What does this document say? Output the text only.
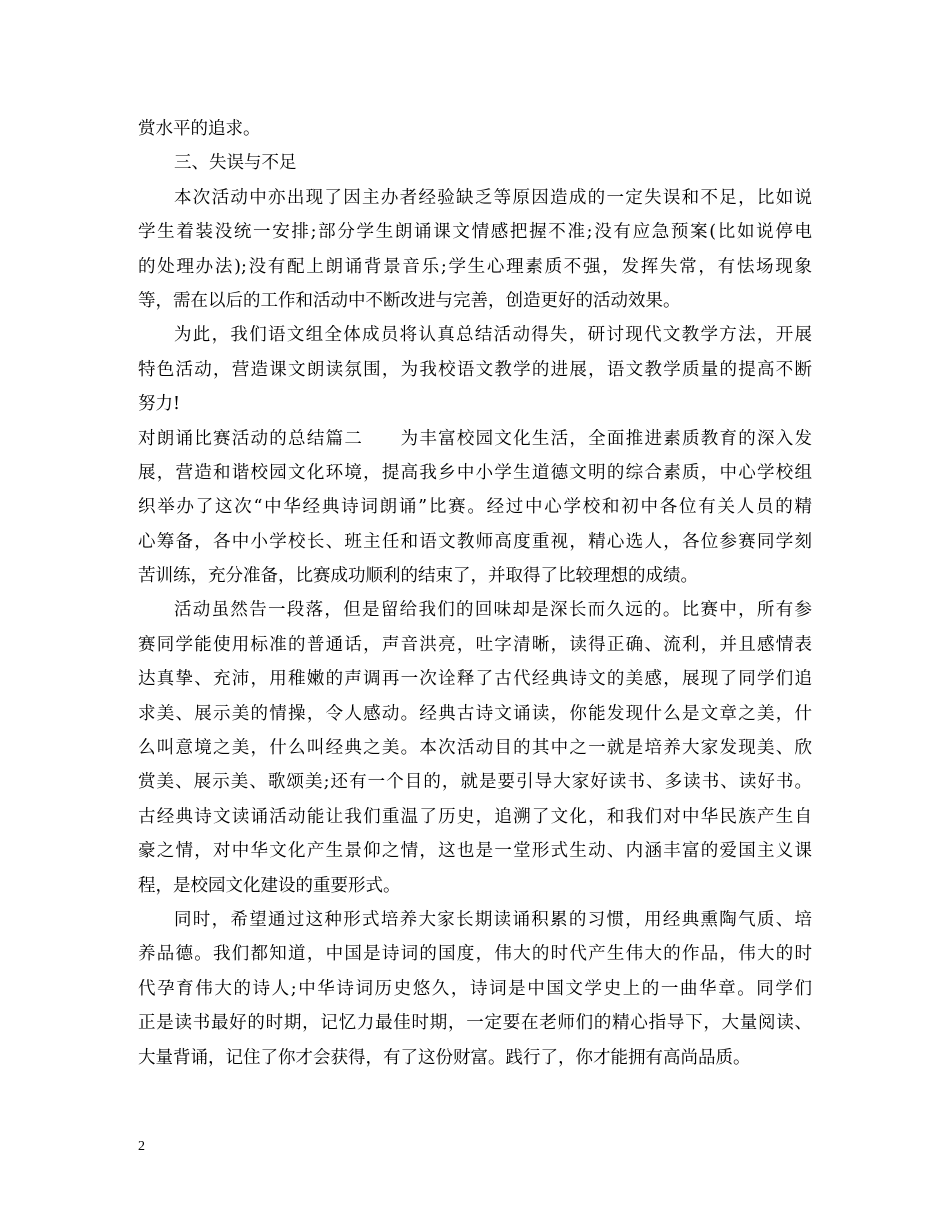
赏水平的追求。
三、失误与不足
本次活动中亦出现了因主办者经验缺乏等原因造成的一定失误和不足，比如说
学生着装没统一安排;部分学生朗诵课文情感把握不准;没有应急预案(比如说停电
的处理办法);没有配上朗诵背景音乐;学生心理素质不强，发挥失常，有怯场现象
等，需在以后的工作和活动中不断改进与完善，创造更好的活动效果。
为此，我们语文组全体成员将认真总结活动得失，研讨现代文教学方法，开展
特色活动，营造课文朗读氛围，为我校语文教学的进展，语文教学质量的提高不断
努力!
对朗诵比赛活动的总结篇二　　为丰富校园文化生活，全面推进素质教育的深入发
展，营造和谐校园文化环境，提高我乡中小学生道德文明的综合素质，中心学校组
织举办了这次“中华经典诗词朗诵”比赛。经过中心学校和初中各位有关人员的精
心筹备，各中小学校长、班主任和语文教师高度重视，精心选人，各位参赛同学刻
苦训练，充分准备，比赛成功顺利的结束了，并取得了比较理想的成绩。
活动虽然告一段落，但是留给我们的回味却是深长而久远的。比赛中，所有参
赛同学能使用标准的普通话，声音洪亮，吐字清晰，读得正确、流利，并且感情表
达真挚、充沛，用稚嫩的声调再一次诠释了古代经典诗文的美感，展现了同学们追
求美、展示美的情操，令人感动。经典古诗文诵读，你能发现什么是文章之美，什
么叫意境之美，什么叫经典之美。本次活动目的其中之一就是培养大家发现美、欣
赏美、展示美、歌颂美;还有一个目的，就是要引导大家好读书、多读书、读好书。
古经典诗文读诵活动能让我们重温了历史，追溯了文化，和我们对中华民族产生自
豪之情，对中华文化产生景仰之情，这也是一堂形式生动、内涵丰富的爱国主义课
程，是校园文化建设的重要形式。
同时，希望通过这种形式培养大家长期读诵积累的习惯，用经典熏陶气质、培
养品德。我们都知道，中国是诗词的国度，伟大的时代产生伟大的作品，伟大的时
代孕育伟大的诗人;中华诗词历史悠久，诗词是中国文学史上的一曲华章。同学们
正是读书最好的时期，记忆力最佳时期，一定要在老师们的精心指导下，大量阅读、
大量背诵，记住了你才会获得，有了这份财富。践行了，你才能拥有高尚品质。
2
